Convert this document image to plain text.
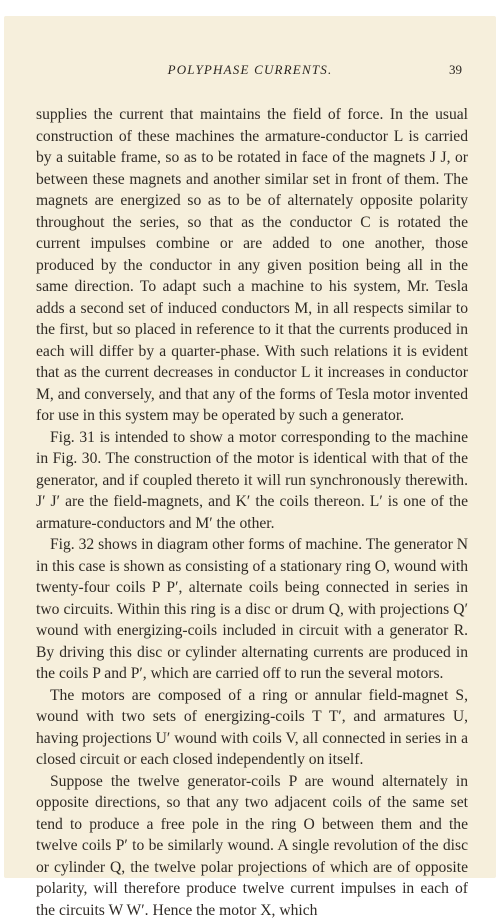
POLYPHASE CURRENTS.	39

supplies the current that maintains the field of force. In the usual construction of these machines the armature-conductor L is carried by a suitable frame, so as to be rotated in face of the magnets J J, or between these magnets and another similar set in front of them. The magnets are energized so as to be of alternately opposite polarity throughout the series, so that as the conductor C is rotated the current impulses combine or are added to one another, those produced by the conductor in any given position being all in the same direction. To adapt such a machine to his system, Mr. Tesla adds a second set of induced conductors M, in all respects similar to the first, but so placed in reference to it that the currents produced in each will differ by a quarter-phase. With such relations it is evident that as the current decreases in conductor L it increases in conductor M, and conversely, and that any of the forms of Tesla motor invented for use in this system may be operated by such a generator.

Fig. 31 is intended to show a motor corresponding to the machine in Fig. 30. The construction of the motor is identical with that of the generator, and if coupled thereto it will run synchronously therewith. J′ J′ are the field-magnets, and K′ the coils thereon. L′ is one of the armature-conductors and M′ the other.

Fig. 32 shows in diagram other forms of machine. The generator N in this case is shown as consisting of a stationary ring O, wound with twenty-four coils P P′, alternate coils being connected in series in two circuits. Within this ring is a disc or drum Q, with projections Q′ wound with energizing-coils included in circuit with a generator R. By driving this disc or cylinder alternating currents are produced in the coils P and P′, which are carried off to run the several motors.

The motors are composed of a ring or annular field-magnet S, wound with two sets of energizing-coils T T′, and armatures U, having projections U′ wound with coils V, all connected in series in a closed circuit or each closed independently on itself.

Suppose the twelve generator-coils P are wound alternately in opposite directions, so that any two adjacent coils of the same set tend to produce a free pole in the ring O between them and the twelve coils P′ to be similarly wound. A single revolution of the disc or cylinder Q, the twelve polar projections of which are of opposite polarity, will therefore produce twelve current impulses in each of the circuits W W′. Hence the motor X, which
